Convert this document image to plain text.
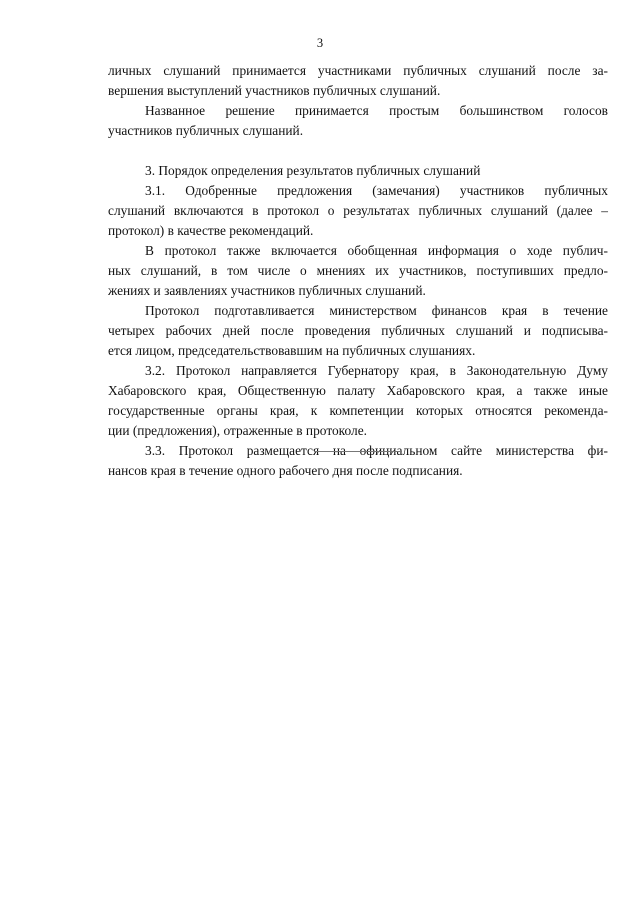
3

личных слушаний принимается участниками публичных слушаний после за-
вершения выступлений участников публичных слушаний.

Названное решение принимается простым большинством голосов
участников публичных слушаний.

3. Порядок определения результатов публичных слушаний

3.1. Одобренные предложения (замечания) участников публичных
слушаний включаются в протокол о результатах публичных слушаний (далее –
протокол) в качестве рекомендаций.

В протокол также включается обобщенная информация о ходе публич-
ных слушаний, в том числе о мнениях их участников, поступивших предло-
жениях и заявлениях участников публичных слушаний.

Протокол подготавливается министерством финансов края в течение
четырех рабочих дней после проведения публичных слушаний и подписыва-
ется лицом, председательствовавшим на публичных слушаниях.

3.2. Протокол направляется Губернатору края, в Законодательную Думу
Хабаровского края, Общественную палату Хабаровского края, а также иные
государственные органы края, к компетенции которых относятся рекоменда-
ции (предложения), отраженные в протоколе.

3.3. Протокол размещается на официальном сайте министерства фи-
нансов края в течение одного рабочего дня после подписания.
